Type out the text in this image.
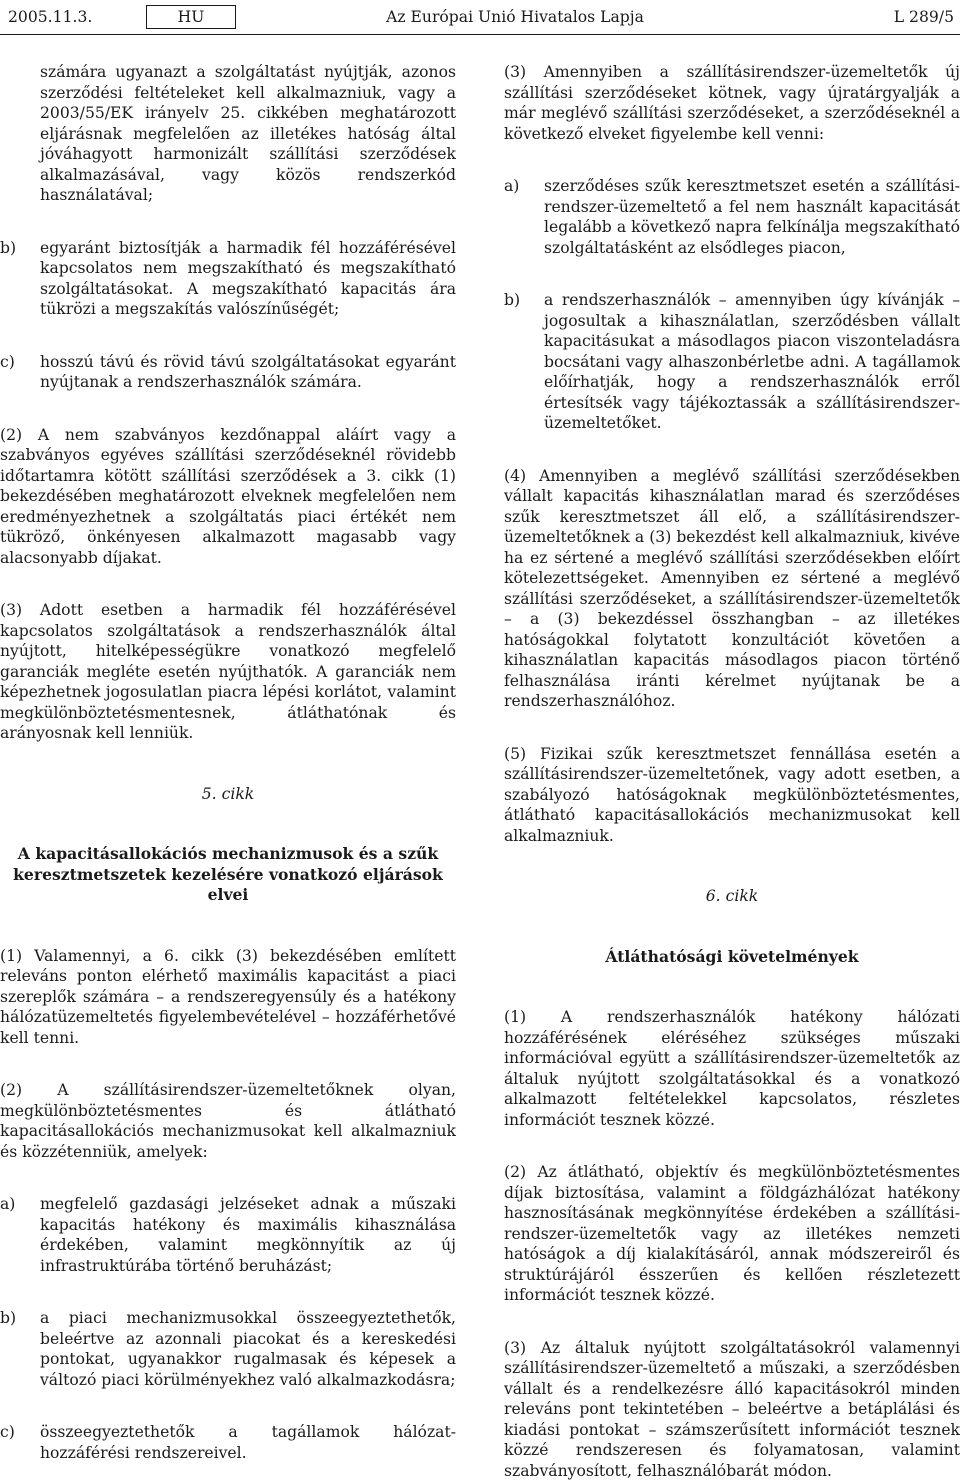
2005.11.3.	HU	Az Európai Unió Hivatalos Lapja	L 289/5

számára ugyanazt a szolgáltatást nyújtják, azonos szerződési feltételeket kell alkalmazniuk, vagy a 2003/55/EK irányelv 25. cikkében meghatározott eljárásnak megfelelően az illetékes hatóság által jóváhagyott harmonizált szállítási szerződések alkalmazásával, vagy közös rendszerkód használatával;

b)	egyaránt biztosítják a harmadik fél hozzáférésével kapcsolatos nem megszakítható és megszakítható szolgáltatásokat. A megszakítható kapacitás ára tükrözi a megszakítás valószínűségét;
c)	hosszú távú és rövid távú szolgáltatásokat egyaránt nyújtanak a rendszerhasználók számára.

(2) A nem szabványos kezdőnappal aláírt vagy a szabványos egyéves szállítási szerződéseknél rövidebb időtartamra kötött szállítási szerződések a 3. cikk (1) bekezdésében meghatározott elveknek megfelelően nem eredményezhetnek a szolgáltatás piaci értékét nem tükröző, önkényesen alkalmazott magasabb vagy alacsonyabb díjakat.

(3) Adott esetben a harmadik fél hozzáférésével kapcsolatos szolgáltatások a rendszerhasználók által nyújtott, hitelképességükre vonatkozó megfelelő garanciák megléte esetén nyújthatók. A garanciák nem képezhetnek jogosulatlan piacra lépési korlátot, valamint megkülönböztetésmentesnek, átláthatónak és arányosnak kell lenniük.

5. cikk

A kapacitásallokációs mechanizmusok és a szűk keresztmetszetek kezelésére vonatkozó eljárások elvei

(1) Valamennyi, a 6. cikk (3) bekezdésében említett releváns ponton elérhető maximális kapacitást a piaci szereplők számára – a rendszeregyensúly és a hatékony hálózatüzemeltetés figyelembevételével – hozzáférhetővé kell tenni.

(2) A szállításirendszer-üzemeltetőknek olyan, megkülönböztetésmentes és átlátható kapacitásallokációs mechanizmusokat kell alkalmazniuk és közzétenniük, amelyek:

a)	megfelelő gazdasági jelzéseket adnak a műszaki kapacitás hatékony és maximális kihasználása érdekében, valamint megkönnyítik az új infrastruktúrába történő beruházást;
b)	a piaci mechanizmusokkal összeegyeztethetők, beleértve az azonnali piacokat és a kereskedési pontokat, ugyanakkor rugalmasak és képesek a változó piaci körülményekhez való alkalmazkodásra;
c)	összeegyeztethetők a tagállamok hálózat-hozzáférési rendszereivel.

(3) Amennyiben a szállításirendszer-üzemeltetők új szállítási szerződéseket kötnek, vagy újratárgyalják a már meglévő szállítási szerződéseket, a szerződéseknél a következő elveket figyelembe kell venni:

a)	szerződéses szűk keresztmetszet esetén a szállításirendszer-üzemeltető a fel nem használt kapacitását legalább a következő napra felkínálja megszakítható szolgáltatásként az elsődleges piacon,
b)	a rendszerhasználók – amennyiben úgy kívánják – jogosultak a kihasználatlan, szerződésben vállalt kapacitásukat a másodlagos piacon viszonteladásra bocsátani vagy alhaszonbérletbe adni. A tagállamok előírhatják, hogy a rendszerhasználók erről értesítsék vagy tájékoztassák a szállításirendszer-üzemeltetőket.

(4) Amennyiben a meglévő szállítási szerződésekben vállalt kapacitás kihasználatlan marad és szerződéses szűk keresztmetszet áll elő, a szállításirendszer-üzemeltetőknek a (3) bekezdést kell alkalmazniuk, kivéve ha ez sértené a meglévő szállítási szerződésekben előírt kötelezettségeket. Amennyiben ez sértené a meglévő szállítási szerződéseket, a szállításirendszer-üzemeltetők – a (3) bekezdéssel összhangban – az illetékes hatóságokkal folytatott konzultációt követően a kihasználatlan kapacitás másodlagos piacon történő felhasználása iránti kérelmet nyújtanak be a rendszerhasználóhoz.

(5) Fizikai szűk keresztmetszet fennállása esetén a szállításirendszer-üzemeltetőnek, vagy adott esetben, a szabályozó hatóságoknak megkülönböztetésmentes, átlátható kapacitásallokációs mechanizmusokat kell alkalmazniuk.

6. cikk

Átláthatósági követelmények

(1) A rendszerhasználók hatékony hálózati hozzáférésének eléréséhez szükséges műszaki információval együtt a szállításirendszer-üzemeltetők az általuk nyújtott szolgáltatásokkal és a vonatkozó alkalmazott feltételekkel kapcsolatos, részletes információt tesznek közzé.

(2) Az átlátható, objektív és megkülönböztetésmentes díjak biztosítása, valamint a földgázhálózat hatékony hasznosításának megkönnyítése érdekében a szállításirendszer-üzemeltetők vagy az illetékes nemzeti hatóságok a díj kialakításáról, annak módszereiről és struktúrájáról ésszerűen és kellően részletezett információt tesznek közzé.

(3) Az általuk nyújtott szolgáltatásokról valamennyi szállításirendszer-üzemeltető a műszaki, a szerződésben vállalt és a rendelkezésre álló kapacitásokról minden releváns pont tekintetében – beleértve a betáplálási és kiadási pontokat – számszerűsített információt tesznek közzé rendszeresen és folyamatosan, valamint szabványosított, felhasználóbarát módon.
